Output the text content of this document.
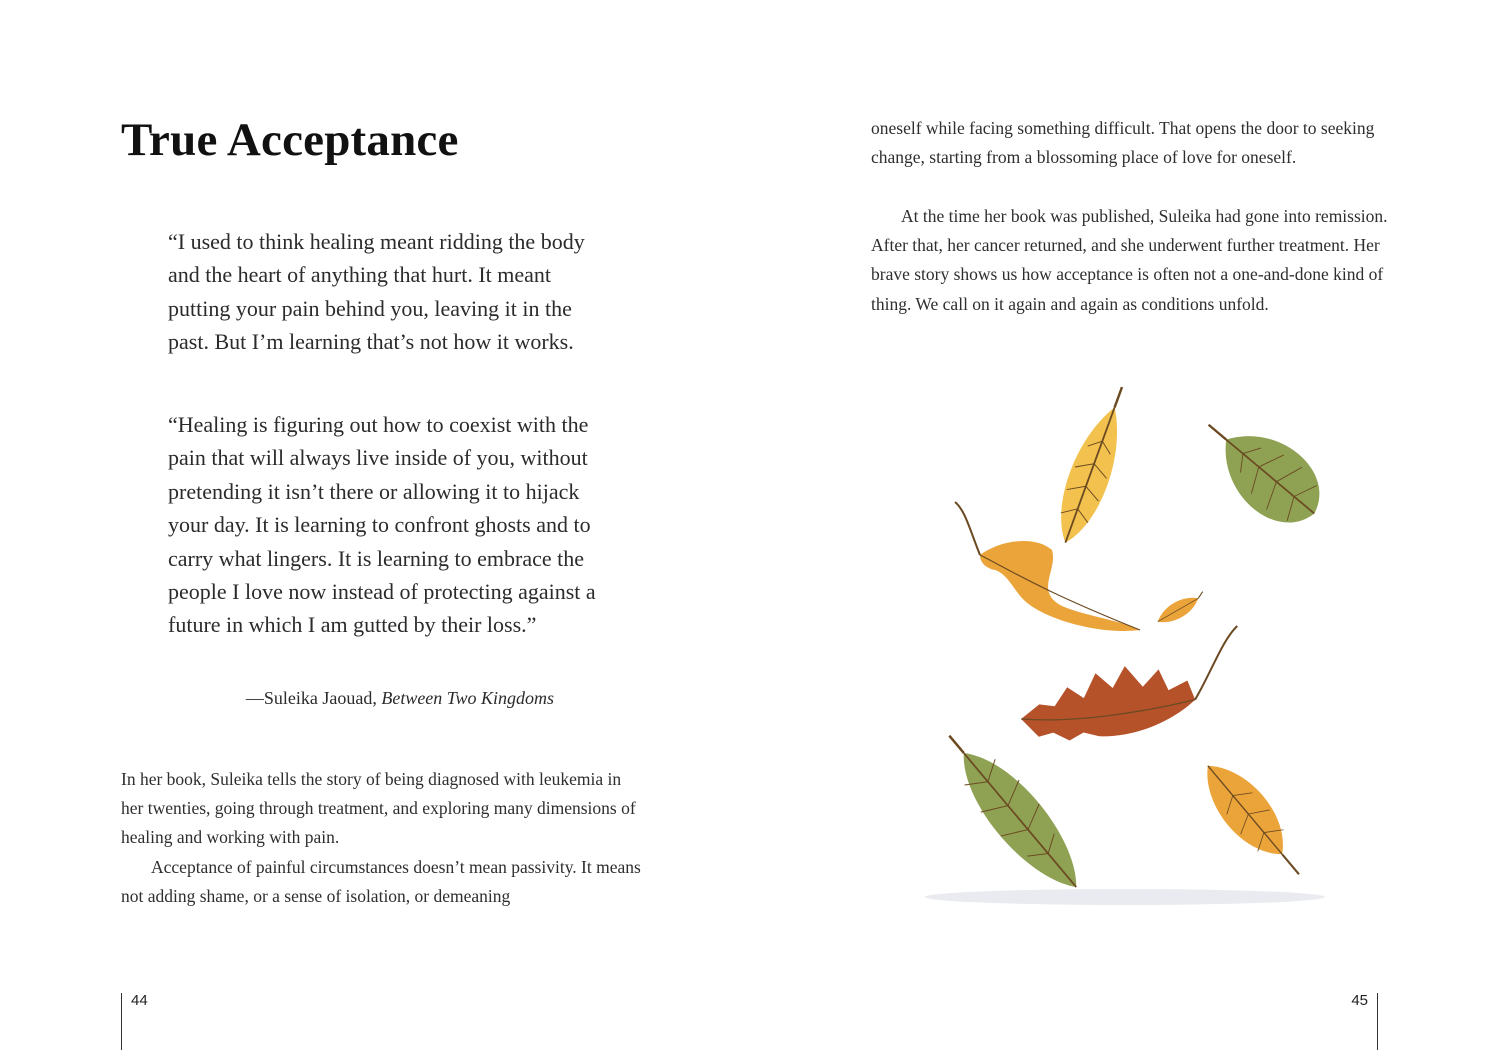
True Acceptance

“I used to think healing meant ridding the body and the heart of anything that hurt. It meant putting your pain behind you, leaving it in the past. But I’m learning that’s not how it works.

“Healing is figuring out how to coexist with the pain that will always live inside of you, without pretending it isn’t there or allowing it to hijack your day. It is learning to confront ghosts and to carry what lingers. It is learning to embrace the people I love now instead of protecting against a future in which I am gutted by their loss.”

—Suleika Jaouad, Between Two Kingdoms

In her book, Suleika tells the story of being diagnosed with leukemia in her twenties, going through treatment, and exploring many dimensions of healing and working with pain.

Acceptance of painful circumstances doesn’t mean passivity. It means not adding shame, or a sense of isolation, or demeaning

44

oneself while facing something difficult. That opens the door to seeking change, starting from a blossoming place of love for oneself.

At the time her book was published, Suleika had gone into remission. After that, her cancer returned, and she underwent further treatment. Her brave story shows us how acceptance is often not a one-and-done kind of thing. We call on it again and again as conditions unfold.

45
